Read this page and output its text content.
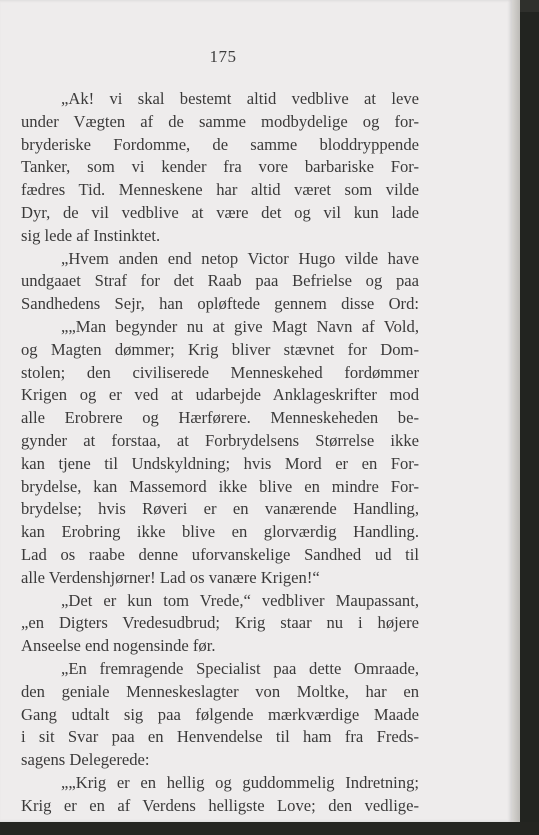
175
„Ak! vi skal bestemt altid vedblive at leve
under Vægten af de samme modbydelige og for-
bryderiske Fordomme, de samme bloddryppende
Tanker, som vi kender fra vore barbariske For-
fædres Tid. Menneskene har altid været som vilde
Dyr, de vil vedblive at være det og vil kun lade
sig lede af Instinktet.
„Hvem anden end netop Victor Hugo vilde have
undgaaet Straf for det Raab paa Befrielse og paa
Sandhedens Sejr, han opløftede gennem disse Ord:
„„Man begynder nu at give Magt Navn af Vold,
og Magten dømmer; Krig bliver stævnet for Dom-
stolen; den civiliserede Menneskehed fordømmer
Krigen og er ved at udarbejde Anklageskrifter mod
alle Erobrere og Hærførere. Menneskeheden be-
gynder at forstaa, at Forbrydelsens Størrelse ikke
kan tjene til Undskyldning; hvis Mord er en For-
brydelse, kan Massemord ikke blive en mindre For-
brydelse; hvis Røveri er en vanærende Handling,
kan Erobring ikke blive en glorværdig Handling.
Lad os raabe denne uforvanskelige Sandhed ud til
alle Verdenshjørner! Lad os vanære Krigen!“
„Det er kun tom Vrede,“ vedbliver Maupassant,
„en Digters Vredesudbrud; Krig staar nu i højere
Anseelse end nogensinde før.
„En fremragende Specialist paa dette Omraade,
den geniale Menneskeslagter von Moltke, har en
Gang udtalt sig paa følgende mærkværdige Maade
i sit Svar paa en Henvendelse til ham fra Freds-
sagens Delegerede:
„„Krig er en hellig og guddommelig Indretning;
Krig er en af Verdens helligste Love; den vedlige-
